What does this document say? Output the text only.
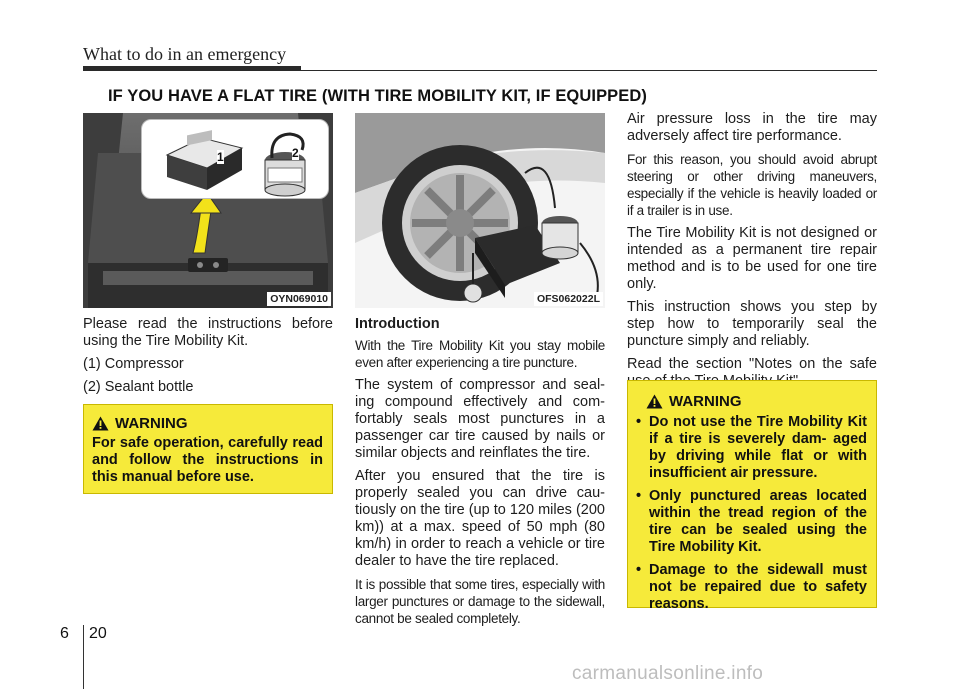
What to do in an emergency
IF YOU HAVE A FLAT TIRE (WITH TIRE MOBILITY KIT, IF EQUIPPED)
1	2
OYN069010	OFS062022L

Please read the instructions before using the Tire Mobility Kit.

(1) Compressor

(2) Sealant bottle

WARNING
For safe operation, carefully read and follow the instructions in this manual before use.
Introduction

With the Tire Mobility Kit you stay mobile even after experiencing a tire puncture.

The system of compressor and seal- ing compound effectively and com- fortably seals most punctures in a passenger car tire caused by nails or similar objects and reinflates the tire.

After you ensured that the tire is properly sealed you can drive cau- tiously on the tire (up to 120 miles (200 km)) at a max. speed of 50 mph (80 km/h) in order to reach a vehicle or tire dealer to have the tire replaced.

It is possible that some tires, especially with larger punctures or damage to the sidewall, cannot be sealed completely.

Air pressure loss in the tire may adversely affect tire performance.

For this reason, you should avoid abrupt steering or other driving maneuvers, especially if the vehicle is heavily loaded or if a trailer is in use.

The Tire Mobility Kit is not designed or intended as a permanent tire repair method and is to be used for one tire only.

This instruction shows you step by step how to temporarily seal the puncture simply and reliably.

Read the section "Notes on the safe

WARNING
• Do not use the Tire Mobility Kit if a tire is severely dam- aged by driving while flat or with insufficient air pressure.
• Only punctured areas located within the tread region of the tire can be sealed using the Tire Mobility Kit.
• Damage to the sidewall must not be repaired due to safety reasons.
6 20
carmanualsonline.info
